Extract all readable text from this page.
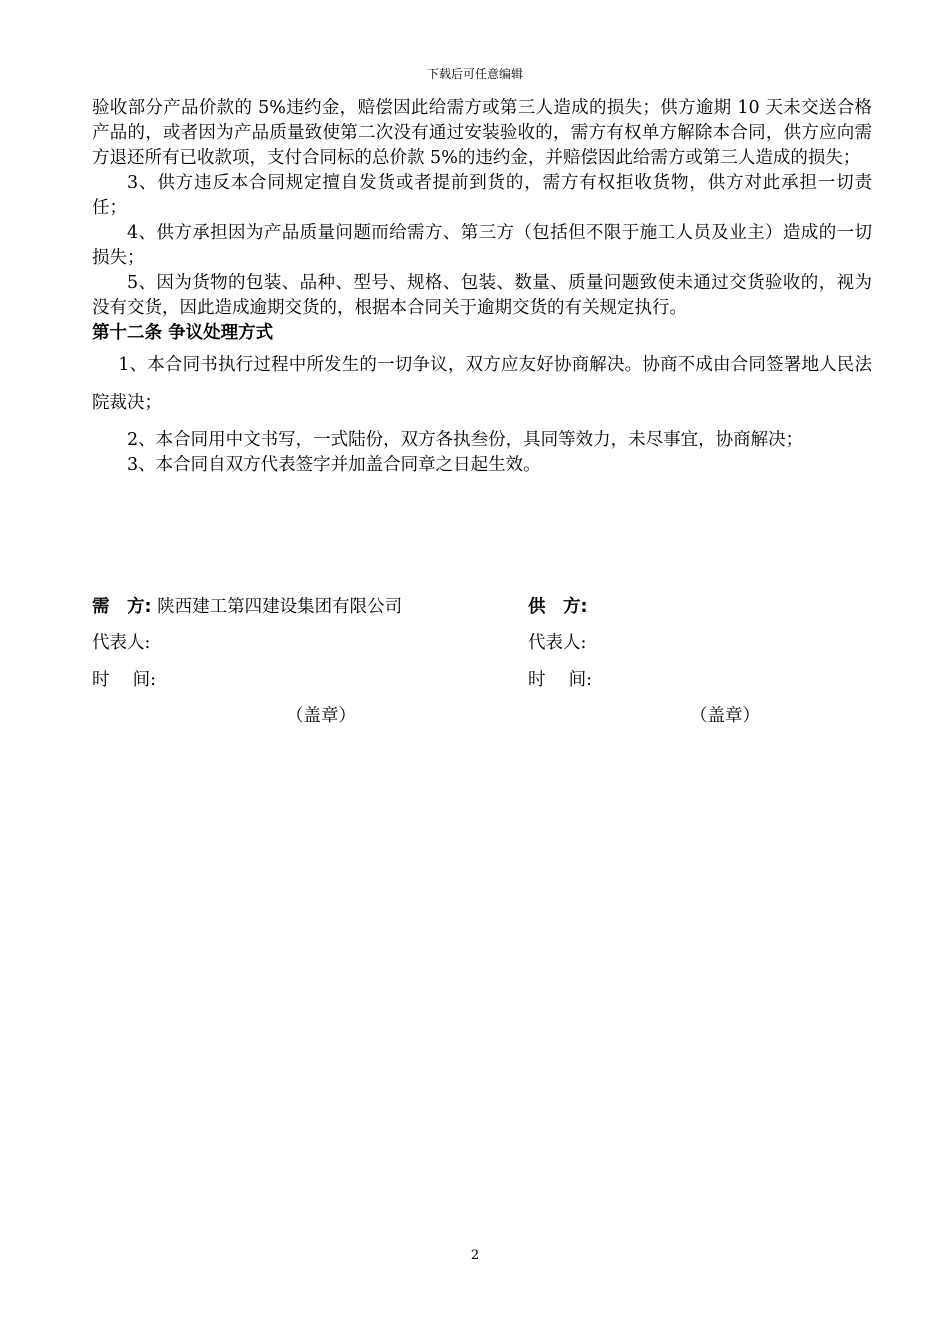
下载后可任意编辑

验收部分产品价款的 5%违约金，赔偿因此给需方或第三人造成的损失；供方逾期 10 天未交送合格产品的，或者因为产品质量致使第二次没有通过安装验收的，需方有权单方解除本合同，供方应向需方退还所有已收款项，支付合同标的总价款 5%的违约金，并赔偿因此给需方或第三人造成的损失；

3、供方违反本合同规定擅自发货或者提前到货的，需方有权拒收货物，供方对此承担一切责任；

4、供方承担因为产品质量问题而给需方、第三方（包括但不限于施工人员及业主）造成的一切损失；

5、因为货物的包装、品种、型号、规格、包装、数量、质量问题致使未通过交货验收的，视为没有交货，因此造成逾期交货的，根据本合同关于逾期交货的有关规定执行。

第十二条 争议处理方式

1、本合同书执行过程中所发生的一切争议，双方应友好协商解决。协商不成由合同签署地人民法院裁决；

2、本合同用中文书写，一式陆份，双方各执叁份，具同等效力，未尽事宜，协商解决；

3、本合同自双方代表签字并加盖合同章之日起生效。

需　方: 陕西建工第四建设集团有限公司
代表人:
时　 间:
（盖章）
供　方:
代表人:
时　 间:
（盖章）
2
